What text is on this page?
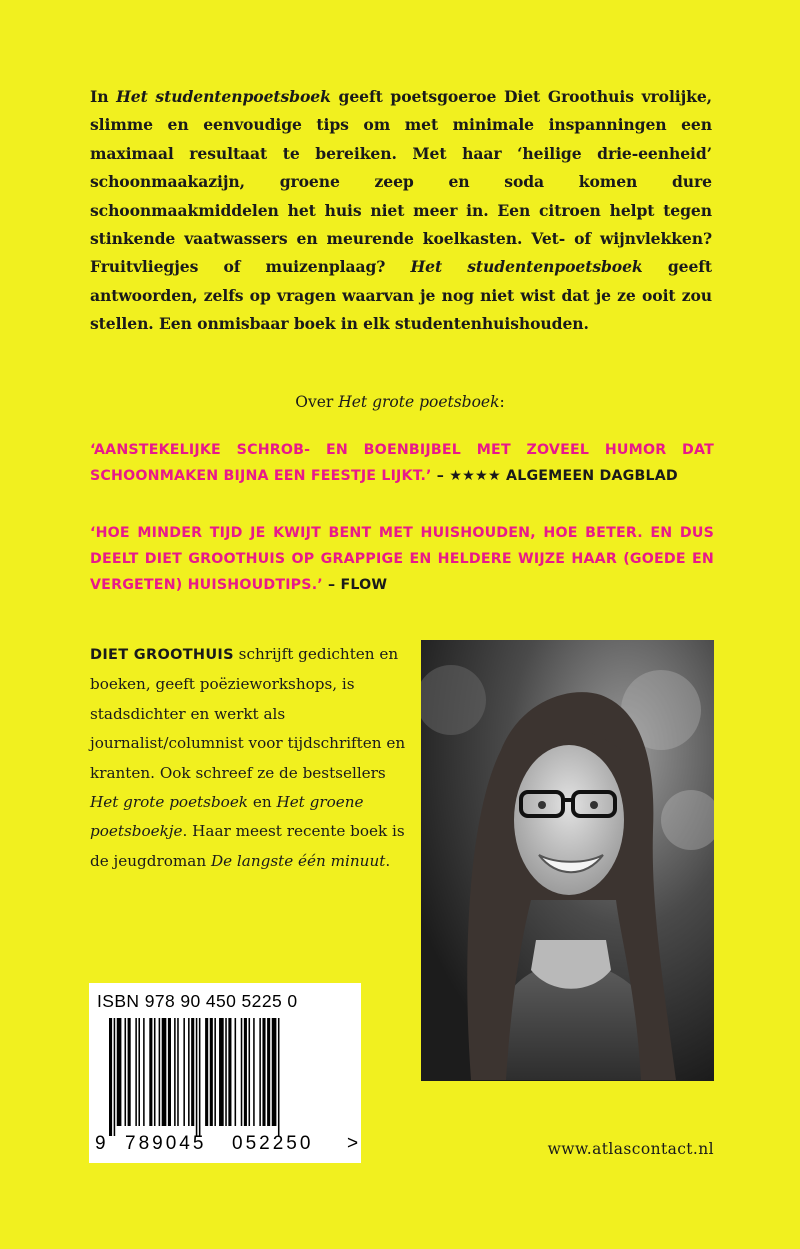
In Het studentenpoetsboek geeft poetsgoeroe Diet Groothuis vrolijke, slimme en eenvoudige tips om met minimale inspanningen een maximaal resultaat te bereiken. Met haar ‘heilige drie-eenheid’ schoonmaakazijn, groene zeep en soda komen dure schoonmaakmiddelen het huis niet meer in. Een citroen helpt tegen stinkende vaatwassers en meurende koelkasten. Vet- of wijnvlekken? Fruitvliegjes of muizenplaag? Het studentenpoetsboek geeft antwoorden, zelfs op vragen waarvan je nog niet wist dat je ze ooit zou stellen. Een onmisbaar boek in elk studentenhuishouden.

Over Het grote poetsboek:

‘AANSTEKELIJKE SCHROB- EN BOENBIJBEL MET ZOVEEL HUMOR DAT SCHOONMAKEN BIJNA EEN FEESTJE LIJKT.’ – ★★★★ ALGEMEEN DAGBLAD

‘HOE MINDER TIJD JE KWIJT BENT MET HUISHOUDEN, HOE BETER. EN DUS DEELT DIET GROOTHUIS OP GRAPPIGE EN HELDERE WIJZE HAAR (GOEDE EN VERGETEN) HUISHOUDTIPS.’ – FLOW

DIET GROOTHUIS schrijft gedichten en boeken, geeft poëzieworkshops, is stadsdichter en werkt als journalist/columnist voor tijdschriften en kranten. Ook schreef ze de bestsellers Het grote poetsboek en Het groene poetsboekje. Haar meest recente boek is de jeugdroman De langste één minuut.

ISBN 978 90 450 5225 0
9 789045 052250 >	www.atlascontact.nl
